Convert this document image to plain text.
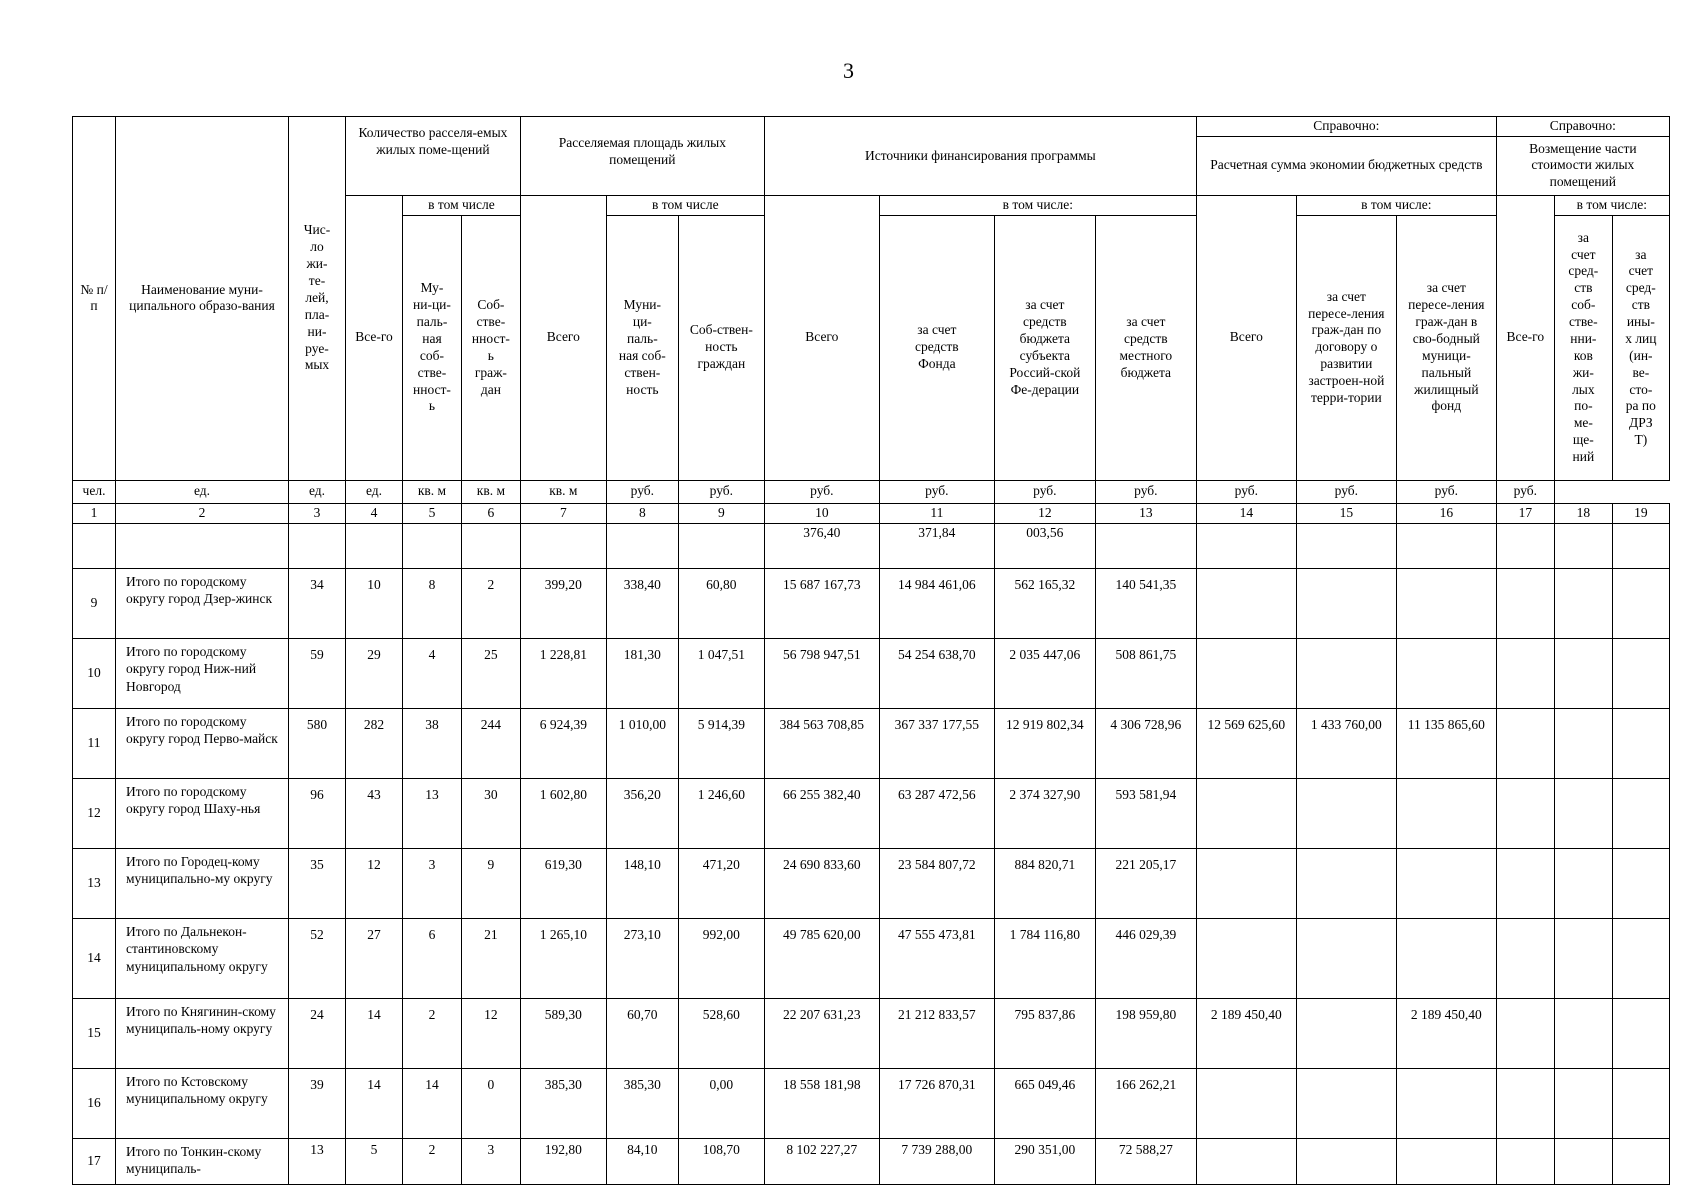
3
№ п/п	Наименование муни-ципального образо-вания	Чис-ло жи-те-лей, пла-ни-руе-мых	Количество расселя-емых жилых поме-щений			Расселяемая площадь жилых помещений			Источники финансирования программы				Справочно:			Справочно:		
													Расчетная сумма экономии бюджетных средств			Возмещение части стоимости жилых помещений		
			Все-го	в том числе		Всего	в том числе		Всего	в том числе:			Всего	в том числе:		Все-го	в том числе:	
				Му-ни-ци-паль-ная соб-стве-нност-ь	Соб-стве-нност-ь граж-дан		Муни-ци-паль-ная соб-ствен-ность	Соб-ствен-ность граждан		за счет средств Фонда	за счет средств бюджета субъекта Россий-ской Фе-дерации	за счет средств местного бюджета		за счет пересе-ления граж-дан по договору о развитии застроен-ной терри-тории	за счет пересе-ления граж-дан в сво-бодный муници-пальный жилищный фонд		за счет сред-ств соб-стве-нни-ков жи-лых по-ме-ще-ний	за счет сред-ств ины-х лиц (ин-ве-сто-ра по ДРЗ Т)
чел.	ед.	ед.	ед.	кв. м	кв. м	кв. м	руб.	руб.	руб.	руб.	руб.	руб.	руб.	руб.	руб.	руб.		
1	2	3	4	5	6	7	8	9	10	11	12	13	14	15	16	17	18	19
									376,40	371,84	003,56							
9	Итого по городскому округу город Дзер-жинск	34	10	8	2	399,20	338,40	60,80	15 687 167,73	14 984 461,06	562 165,32	140 541,35						
10	Итого по городскому округу город Ниж-ний Новгород	59	29	4	25	1 228,81	181,30	1 047,51	56 798 947,51	54 254 638,70	2 035 447,06	508 861,75						
11	Итого по городскому округу город Перво-майск	580	282	38	244	6 924,39	1 010,00	5 914,39	384 563 708,85	367 337 177,55	12 919 802,34	4 306 728,96	12 569 625,60	1 433 760,00	11 135 865,60			
12	Итого по городскому округу город Шаху-нья	96	43	13	30	1 602,80	356,20	1 246,60	66 255 382,40	63 287 472,56	2 374 327,90	593 581,94						
13	Итого по Городец-кому муниципально-му округу	35	12	3	9	619,30	148,10	471,20	24 690 833,60	23 584 807,72	884 820,71	221 205,17						
14	Итого по Дальнекон-стантиновскому муниципальному округу	52	27	6	21	1 265,10	273,10	992,00	49 785 620,00	47 555 473,81	1 784 116,80	446 029,39						
15	Итого по Княгинин-скому муниципаль-ному округу	24	14	2	12	589,30	60,70	528,60	22 207 631,23	21 212 833,57	795 837,86	198 959,80	2 189 450,40		2 189 450,40			
16	Итого по Кстовскому муниципальному округу	39	14	14	0	385,30	385,30	0,00	18 558 181,98	17 726 870,31	665 049,46	166 262,21						
17	Итого по Тонкин-скому муниципаль-	13	5	2	3	192,80	84,10	108,70	8 102 227,27	7 739 288,00	290 351,00	72 588,27						
